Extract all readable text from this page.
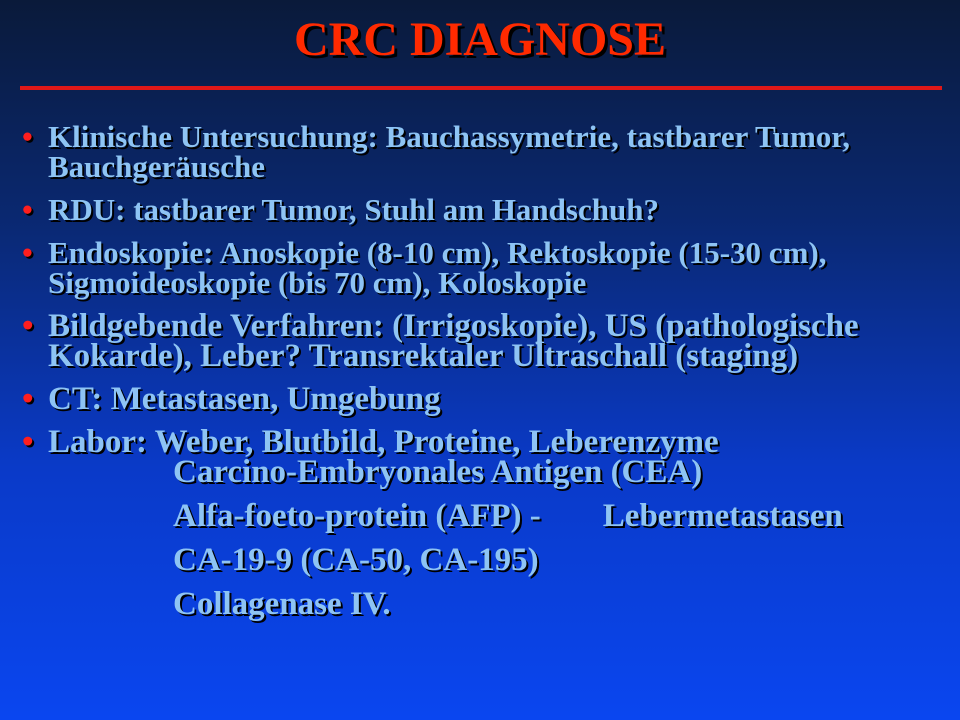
CRC DIAGNOSE
• Klinische Untersuchung: Bauchassymetrie, tastbarer Tumor, Bauchgeräusche
• RDU: tastbarer Tumor, Stuhl am Handschuh?
• Endoskopie: Anoskopie (8-10 cm), Rektoskopie (15-30 cm), Sigmoideoskopie (bis 70 cm), Koloskopie
• Bildgebende Verfahren: (Irrigoskopie), US (pathologische Kokarde), Leber? Transrektaler Ultraschall (staging)
• CT: Metastasen, Umgebung
• Labor: Weber, Blutbild, Proteine, Leberenzyme
Carcino-Embryonales Antigen (CEA)
Alfa-foeto-protein (AFP) - Lebermetastasen
CA-19-9 (CA-50, CA-195)
Collagenase IV.
